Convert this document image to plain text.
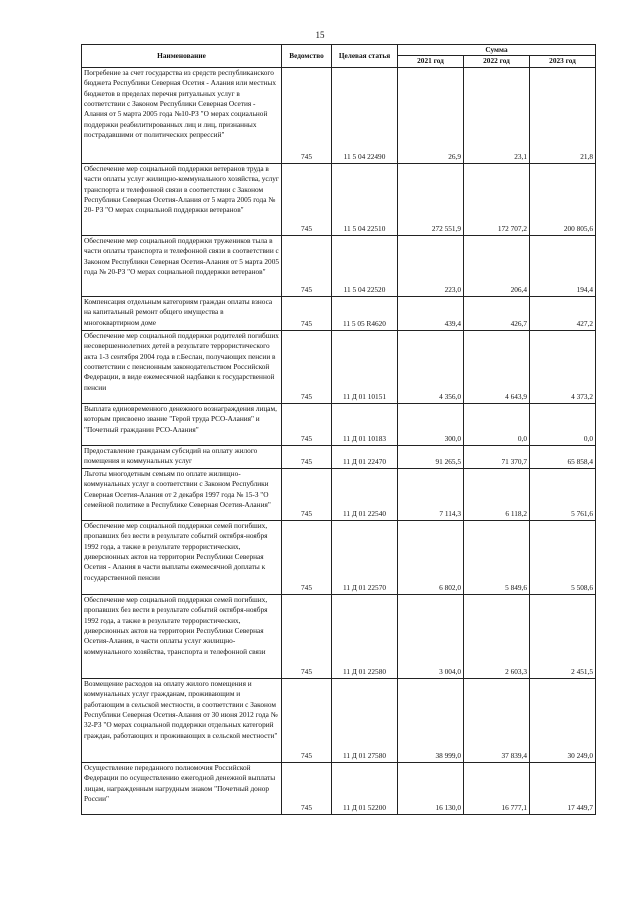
15
Наименование	Ведомство	Целевая статья	Сумма		
			2021 год	2022 год	2023 год
Погребение за счет государства из средств республиканского бюджета Республики Северная Осетия - Алания или местных бюджетов в пределах перечня ритуальных услуг в соответствии с Законом Республики Северная Осетия - Алания от 5 марта 2005 года №10-РЗ "О мерах социальной поддержки реабилитированных лиц и лиц, признанных пострадавшими от политических репрессий"	745	11 5 04 22490	26,9	23,1	21,8
Обеспечение мер социальной поддержки ветеранов труда в части оплаты услуг жилищно-коммунального хозяйства, услуг транспорта и телефонной связи в соответствии с Законом Республики Северная Осетия-Алания от 5 марта 2005 года № 20- РЗ "О мерах социальной поддержки ветеранов"	745	11 5 04 22510	272 551,9	172 707,2	200 805,6
Обеспечение мер социальной поддержки тружеников тыла в части оплаты транспорта и телефонной связи в соответствии с Законом Республики Северная Осетия-Алания от 5 марта 2005 года № 20-РЗ "О мерах социальной поддержки ветеранов"	745	11 5 04 22520	223,0	206,4	194,4
Компенсация отдельным категориям граждан оплаты взноса на капитальный ремонт общего имущества в многоквартирном доме	745	11 5 05 R4620	439,4	426,7	427,2
Обеспечение мер социальной поддержки родителей погибших несовершеннолетних детей в результате террористического акта 1-3 сентября 2004 года в г.Беслан, получающих пенсии в соответствии с пенсионным законодательством Российской Федерации, в виде ежемесячной надбавки к государственной пенсии	745	11 Д 01 10151	4 356,0	4 643,9	4 373,2
Выплата единовременного денежного вознаграждения лицам, которым присвоено звание "Герой труда РСО-Алания" и "Почетный гражданин РСО-Алания"	745	11 Д 01 10183	300,0	0,0	0,0
Предоставление гражданам субсидий на оплату жилого помещения и коммунальных услуг	745	11 Д 01 22470	91 265,5	71 370,7	65 858,4
Льготы многодетным семьям по оплате жилищно-коммунальных услуг в соответствии с Законом Республики Северная Осетия-Алания от 2 декабря 1997 года № 15-З "О семейной политике в Республике Северная Осетия-Алания"	745	11 Д 01 22540	7 114,3	6 118,2	5 761,6
Обеспечение мер социальной поддержки семей погибших, пропавших без вести в результате событий октября-ноября 1992 года, а также в результате террористических, диверсионных актов на территории Республики Северная Осетия - Алания в части выплаты ежемесячной доплаты к государственной пенсии	745	11 Д 01 22570	6 802,0	5 849,6	5 508,6
Обеспечение мер социальной поддержки семей погибших, пропавших без вести в результате событий октября-ноября 1992 года, а также в результате террористических, диверсионных актов на территории Республики Северная Осетия-Алания, в части оплаты услуг жилищно-коммунального хозяйства, транспорта и телефонной связи	745	11 Д 01 22580	3 004,0	2 603,3	2 451,5
Возмещение расходов на оплату жилого помещения и коммунальных услуг гражданам, проживающим и работающим в сельской местности, в соответствии с Законом Республики Северная Осетия-Алания от 30 июня 2012 года № 32-РЗ "О мерах социальной поддержки отдельных категорий граждан, работающих и проживающих в сельской местности"	745	11 Д 01 27580	38 999,0	37 839,4	30 249,0
Осуществление переданного полномочия Российской Федерации по осуществлению ежегодной денежной выплаты лицам, награжденным нагрудным знаком "Почетный донор России"	745	11 Д 01 52200	16 130,0	16 777,1	17 449,7
